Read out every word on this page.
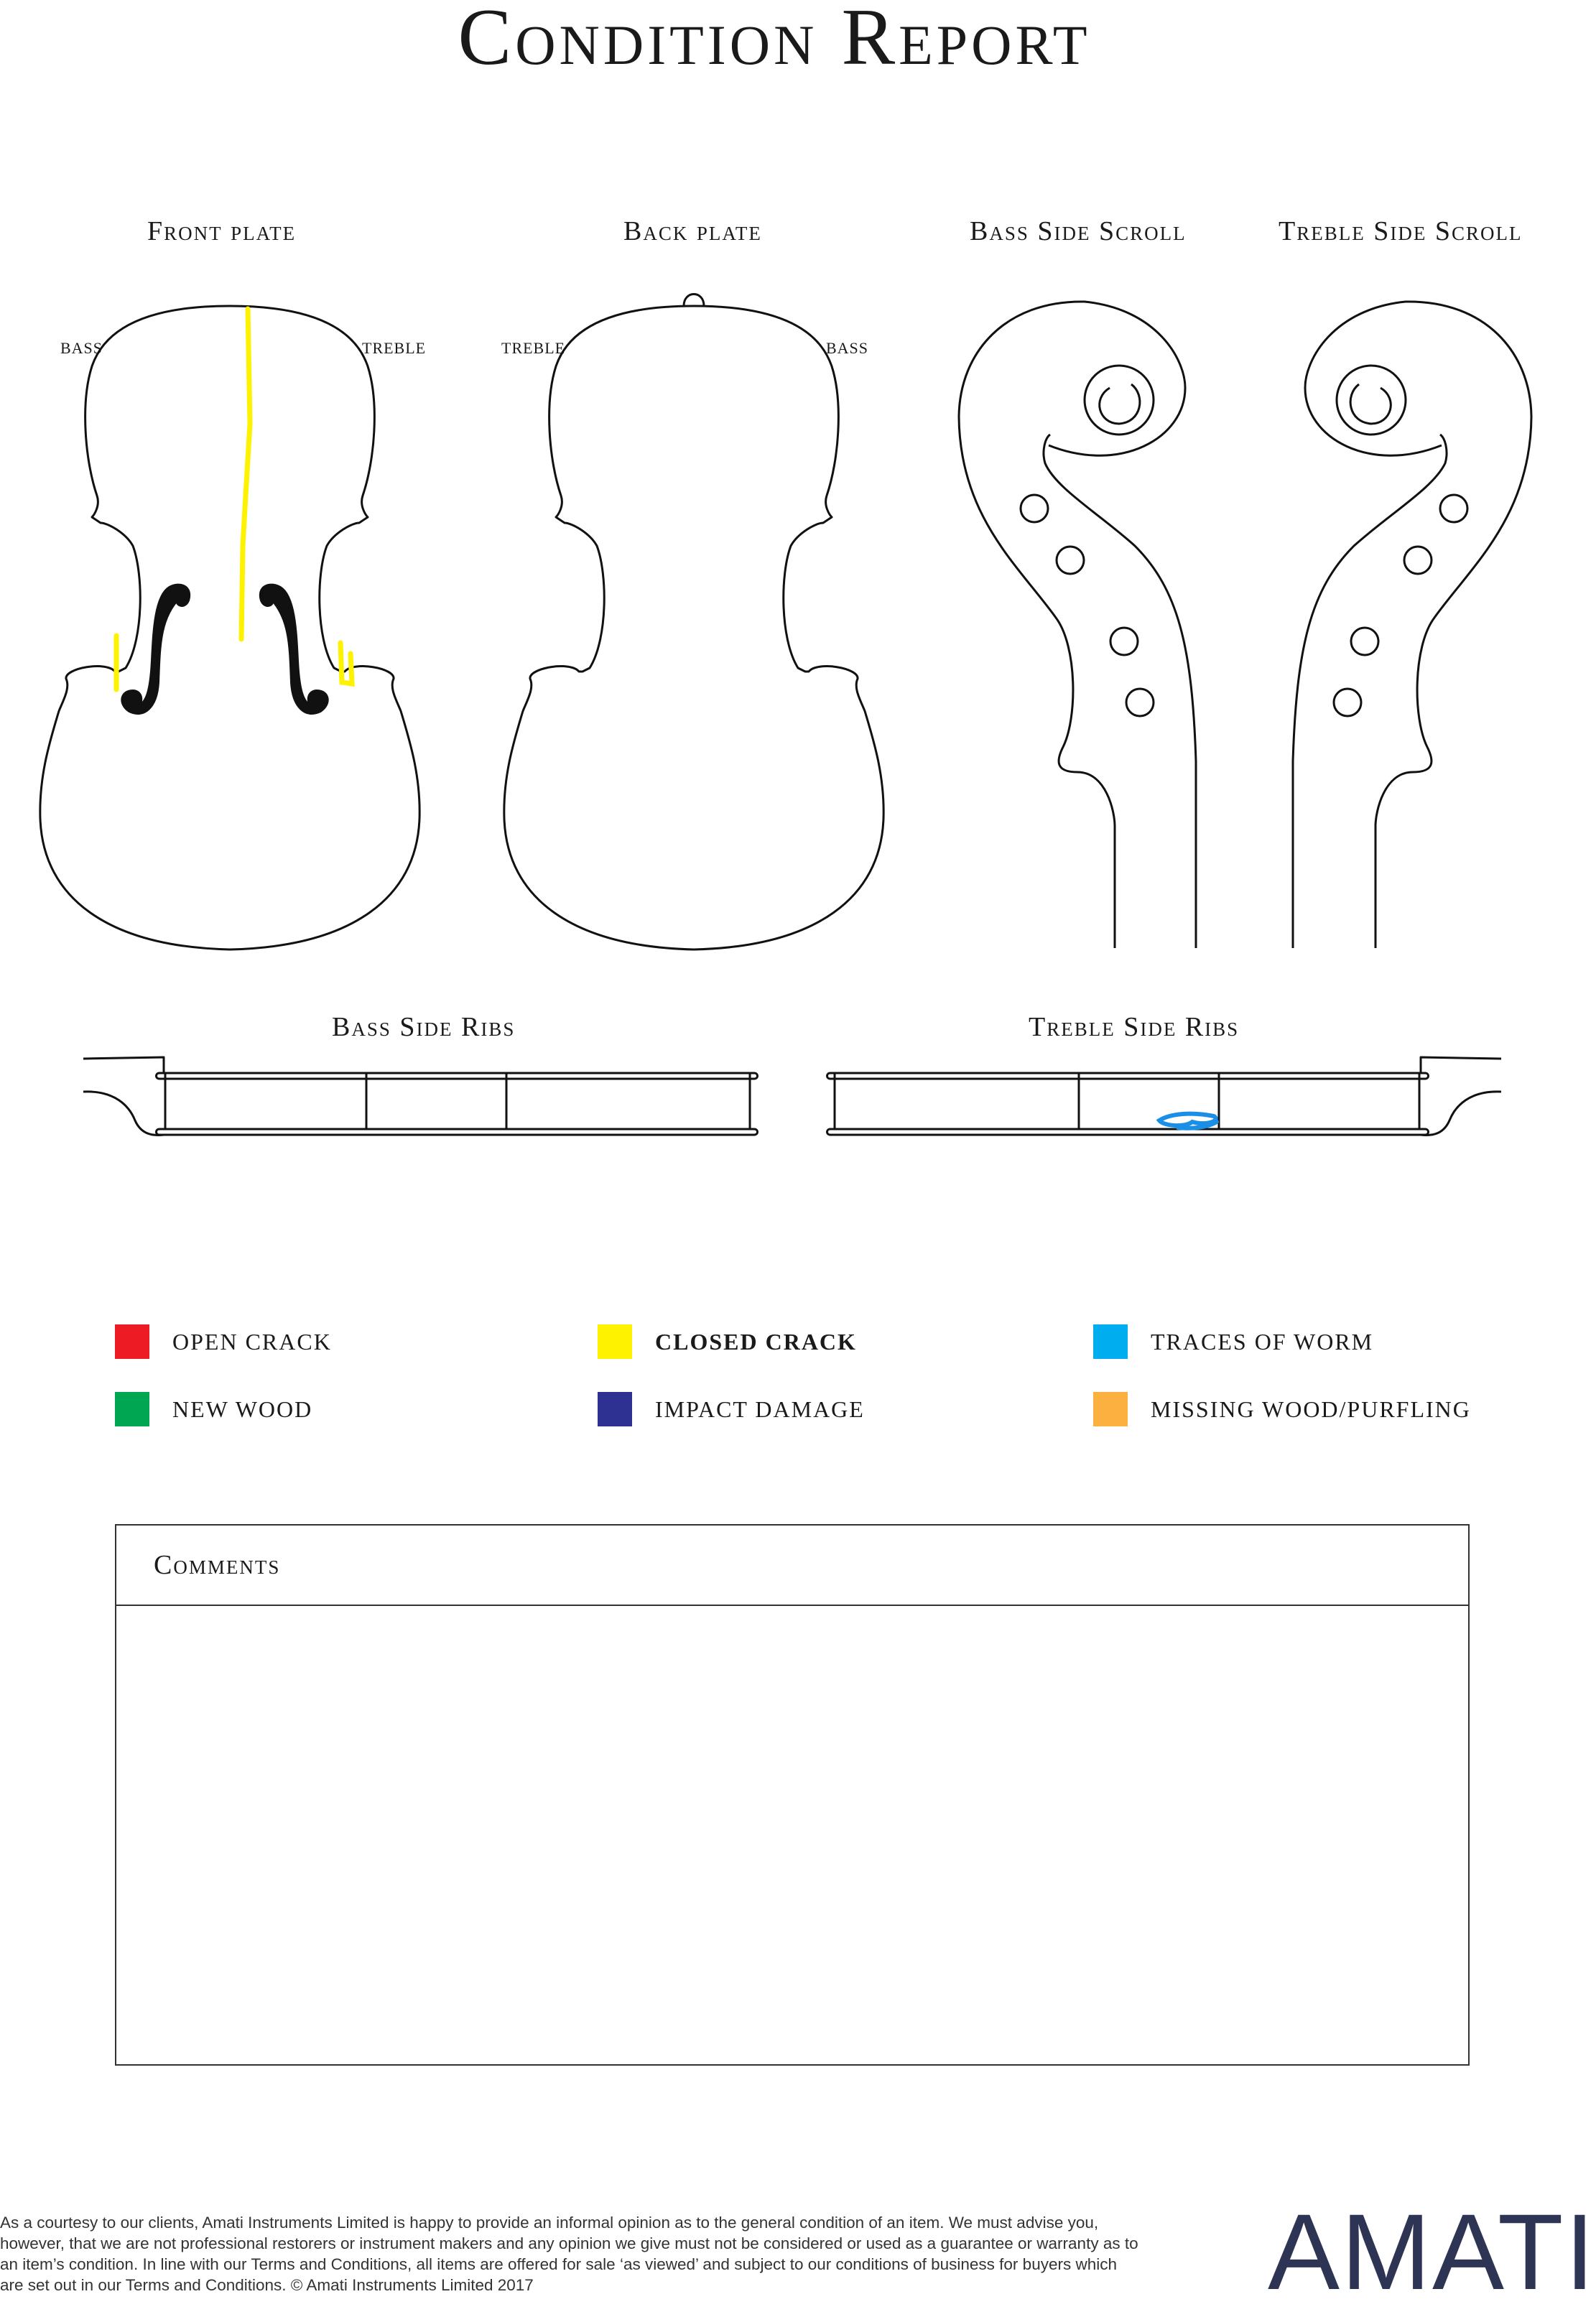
Condition Report
Front plate	Back plate	Bass Side Scroll	Treble Side Scroll
Bass Side Ribs	Treble Side Ribs
BASS	TREBLE	TREBLE	BASS
OPEN CRACK	CLOSED CRACK	TRACES OF WORM
NEW WOOD	IMPACT DAMAGE	MISSING WOOD/PURFLING
Comments
As a courtesy to our clients, Amati Instruments Limited is happy to provide an informal opinion as to the general condition of an item. We must advise you, however, that we are not professional restorers or instrument makers and any opinion we give must not be considered or used as a guarantee or warranty as to an item’s condition. In line with our Terms and Conditions, all items are offered for sale ‘as viewed’ and subject to our conditions of business for buyers which are set out in our Terms and Conditions. © Amati Instruments Limited 2017	AMATI
